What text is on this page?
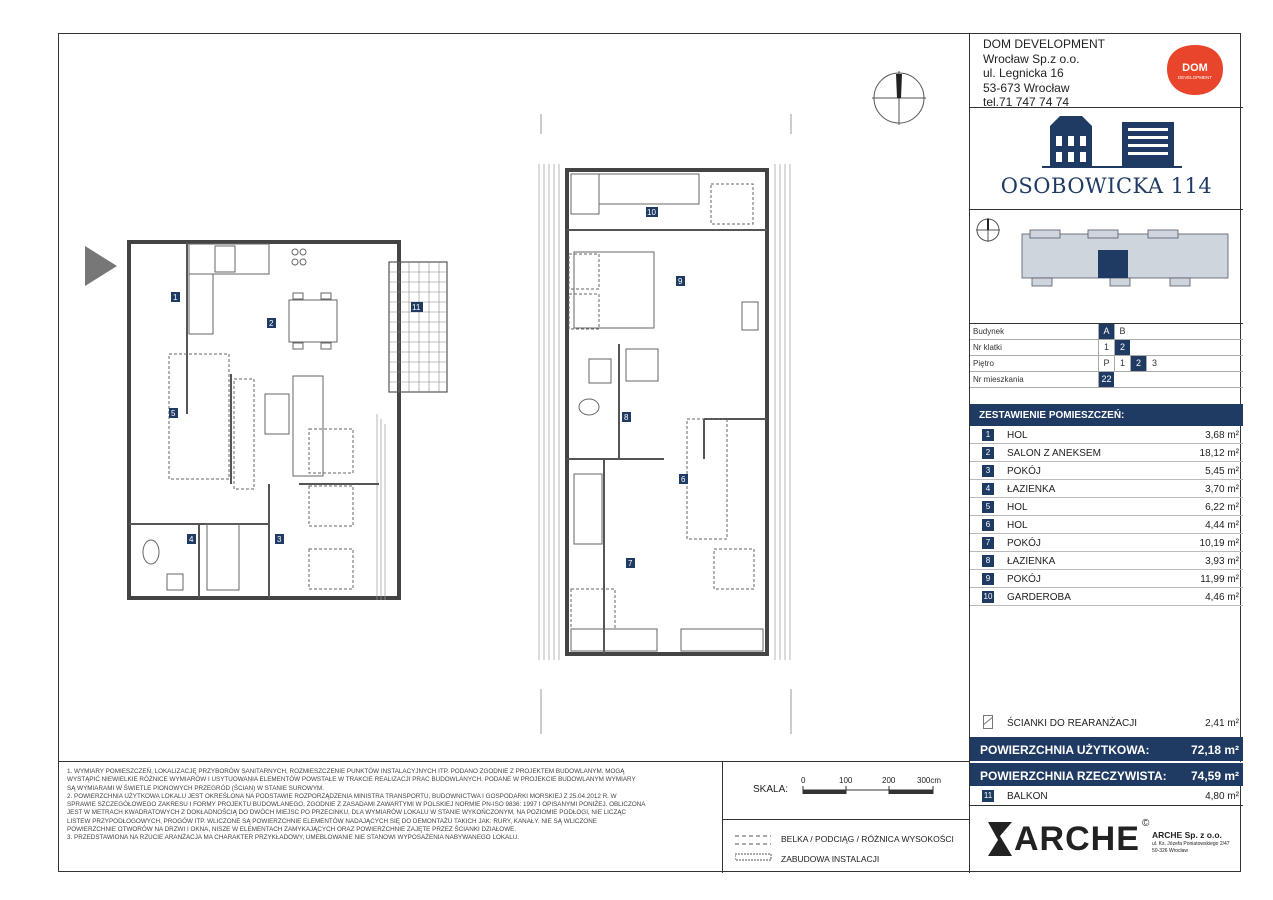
1
2
11
5
4	3
10
9
8
6
7
1. WYMIARY POMIESZCZEŃ, LOKALIZACJĘ PRZYBORÓW SANITARNYCH, ROZMIESZCZENIE PUNKTÓW INSTALACYJNYCH ITP. PODANO ZGODNIE Z PROJEKTEM BUDOWLANYM. MOGĄ
WYSTĄPIĆ NIEWIELKIE RÓŻNICE WYMIARÓW I USYTUOWANIA ELEMENTÓW POWSTAŁE W TRAKCIE REALIZACJI PRAC BUDOWLANYCH. PODANE W PROJEKCIE BUDOWLANYM WYMIARY
SĄ WYMIARAMI W ŚWIETLE PIONOWYCH PRZEGRÓD (ŚCIAN) W STANIE SUROWYM.
2. POWIERZCHNIA UŻYTKOWA LOKALU JEST OKREŚLONA NA PODSTAWIE ROZPORZĄDZENIA MINISTRA TRANSPORTU, BUDOWNICTWA I GOSPODARKI MORSKIEJ Z 25.04.2012 R. W
SPRAWIE SZCZEGÓŁOWEGO ZAKRESU I FORMY PROJEKTU BUDOWLANEGO, ZGODNIE Z ZASADAMI ZAWARTYMI W POLSKIEJ NORMIE PN-ISO 9836: 1997 I OPISANYMI PONIŻEJ. OBLICZONA
JEST W METRACH KWADRATOWYCH Z DOKŁADNOŚCIĄ DO DWÓCH MIEJSC PO PRZECINKU, DLA WYMIARÓW LOKALU W STANIE WYKOŃCZONYM, NA POZIOMIE PODŁOGI, NIE LICZĄC
LISTEW PRZYPODŁOGOWYCH, PROGÓW ITP. WLICZONE SĄ POWIERZCHNIE ELEMENTÓW NADAJĄCYCH SIĘ DO DEMONTAŻU TAKICH JAK: RURY, KANAŁY. NIE SĄ WLICZONE
POWIERZCHNIE OTWORÓW NA DRZWI I OKNA, NISZE W ELEMENTACH ZAMYKAJĄCYCH ORAZ POWIERZCHNIE ZAJĘTE PRZEZ ŚCIANKI DZIAŁOWE.
3. PRZEDSTAWIONA NA RZUCIE ARANŻACJA MA CHARAKTER PRZYKŁADOWY, UMEBLOWANIE NIE STANOWI WYPOSAŻENIA NABYWANEGO LOKALU.
SKALA:
0	100	200	300cm
BELKA / PODCIĄG / RÓŻNICA WYSOKOŚCI
ZABUDOWA INSTALACJI
DOM DEVELOPMENT
Wrocław Sp.z o.o.
ul. Legnicka 16
53-673 Wrocław
tel.71 747 74 74
DOM
DEVELOPMENT
OSOBOWICKA 114
Budynek	A	B
Nr klatki	1	2
Piętro	P	1	2	3
Nr mieszkania	22
ZESTAWIENIE POMIESZCZEŃ:
1	HOL	3,68 m²
2	SALON Z ANEKSEM	18,12 m²
3	POKÓJ	5,45 m²
4	ŁAZIENKA	3,70 m²
5	HOL	6,22 m²
6	HOL	4,44 m²
7	POKÓJ	10,19 m²
8	ŁAZIENKA	3,93 m²
9	POKÓJ	11,99 m²
10 GARDEROBA	4,46 m²
ŚCIANKI DO REARANŻACJI	2,41 m²
POWIERZCHNIA UŻYTKOWA:	72,18 m²
POWIERZCHNIA RZECZYWISTA: 74,59 m²
11 BALKON	4,80 m²
ARCHE ©
ARCHE Sp. z o.o.
ul. Ks. Józefa Poniatowskiego 2/47
50-326 Wrocław
